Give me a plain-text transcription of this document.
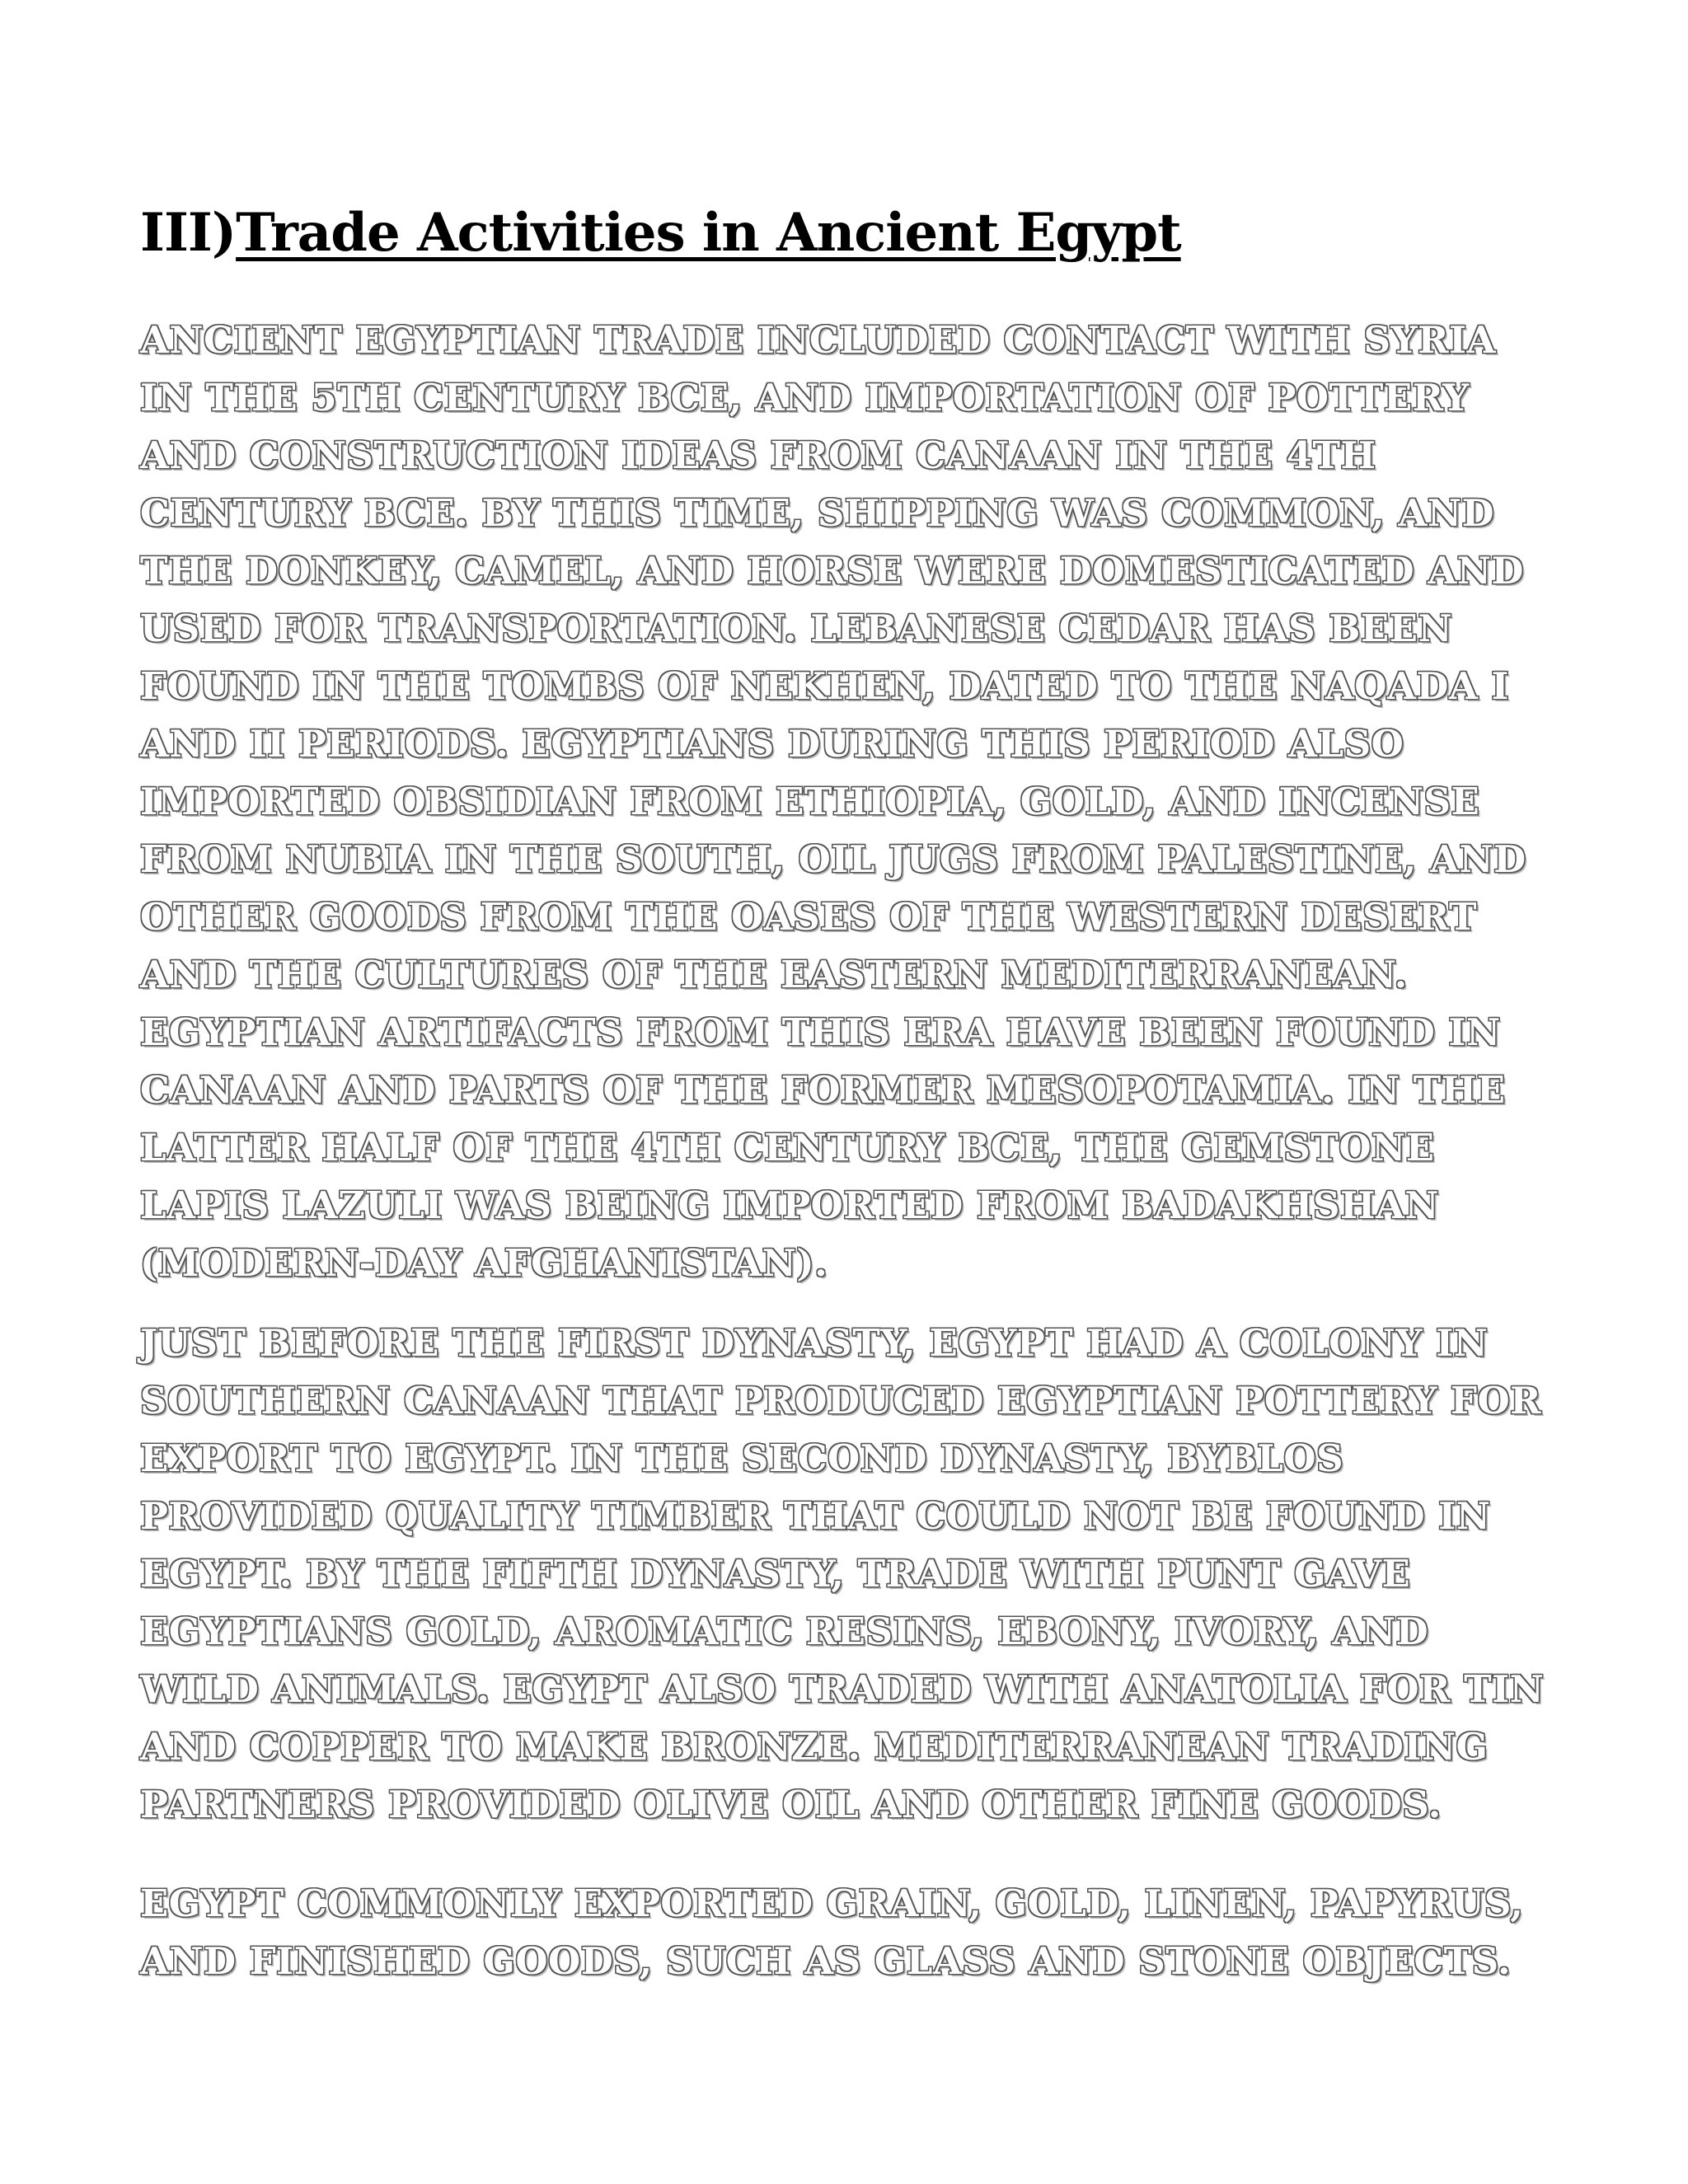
III)Trade Activities in Ancient Egypt

ANCIENT EGYPTIAN TRADE INCLUDED CONTACT WITH SYRIA IN THE 5TH CENTURY BCE, AND IMPORTATION OF POTTERY AND CONSTRUCTION IDEAS FROM CANAAN IN THE 4TH CENTURY BCE. BY THIS TIME, SHIPPING WAS COMMON, AND THE DONKEY, CAMEL, AND HORSE WERE DOMESTICATED AND USED FOR TRANSPORTATION. LEBANESE CEDAR HAS BEEN FOUND IN THE TOMBS OF NEKHEN, DATED TO THE NAQADA I AND II PERIODS. EGYPTIANS DURING THIS PERIOD ALSO IMPORTED OBSIDIAN FROM ETHIOPIA, GOLD, AND INCENSE FROM NUBIA IN THE SOUTH, OIL JUGS FROM PALESTINE, AND OTHER GOODS FROM THE OASES OF THE WESTERN DESERT AND THE CULTURES OF THE EASTERN MEDITERRANEAN. EGYPTIAN ARTIFACTS FROM THIS ERA HAVE BEEN FOUND IN CANAAN AND PARTS OF THE FORMER MESOPOTAMIA. IN THE LATTER HALF OF THE 4TH CENTURY BCE, THE GEMSTONE LAPIS LAZULI WAS BEING IMPORTED FROM BADAKHSHAN (MODERN-DAY AFGHANISTAN).

JUST BEFORE THE FIRST DYNASTY, EGYPT HAD A COLONY IN SOUTHERN CANAAN THAT PRODUCED EGYPTIAN POTTERY FOR EXPORT TO EGYPT. IN THE SECOND DYNASTY, BYBLOS PROVIDED QUALITY TIMBER THAT COULD NOT BE FOUND IN EGYPT. BY THE FIFTH DYNASTY, TRADE WITH PUNT GAVE EGYPTIANS GOLD, AROMATIC RESINS, EBONY, IVORY, AND WILD ANIMALS. EGYPT ALSO TRADED WITH ANATOLIA FOR TIN AND COPPER TO MAKE BRONZE. MEDITERRANEAN TRADING PARTNERS PROVIDED OLIVE OIL AND OTHER FINE GOODS.

EGYPT COMMONLY EXPORTED GRAIN, GOLD, LINEN, PAPYRUS, AND FINISHED GOODS, SUCH AS GLASS AND STONE OBJECTS.
